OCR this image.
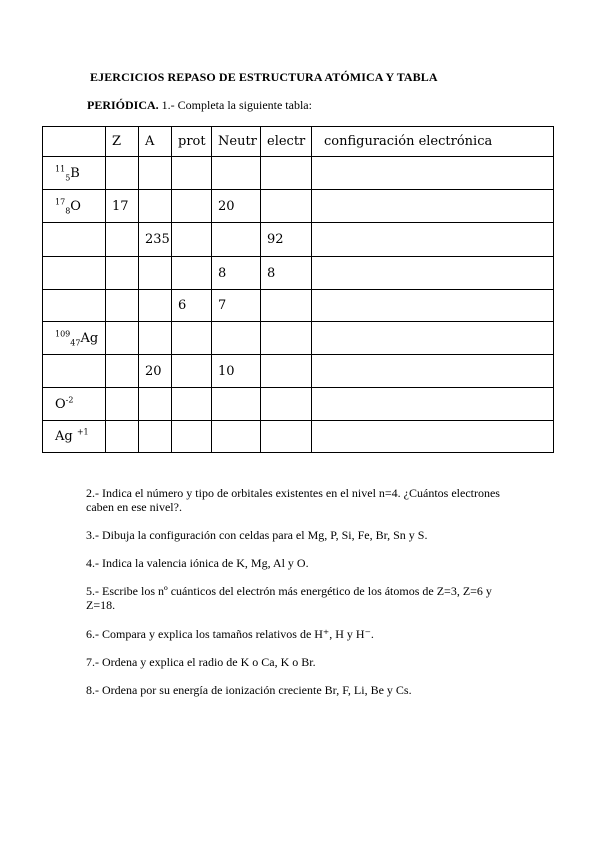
EJERCICIOS REPASO DE ESTRUCTURA ATÓMICA Y TABLA
PERIÓDICA. 1.- Completa la siguiente tabla:
	Z	A	prot	Neutr	electr	configuración electrónica
$^{11}_5$B						
$^{17}_8$O	17			20		
		235			92	
				8	8	
			6	7		
$^{109}_{47}$Ag						
		20		10		
$O^{-2}$						
Ag $^{+1}$						
2.- Indica el número y tipo de orbitales existentes en el nivel n=4. ¿Cuántos electrones caben en ese nivel?.
3.- Dibuja la configuración con celdas para el Mg, P, Si, Fe, Br, Sn y S.
4.- Indica la valencia iónica de K, Mg, Al y O.
5.- Escribe los nº cuánticos del electrón más energético de los átomos de Z=3, Z=6 y Z=18.
6.- Compara y explica los tamaños relativos de H⁺, H y H⁻.
7.- Ordena y explica el radio de K o Ca, K o Br.
8.- Ordena por su energía de ionización creciente Br, F, Li, Be y Cs.
